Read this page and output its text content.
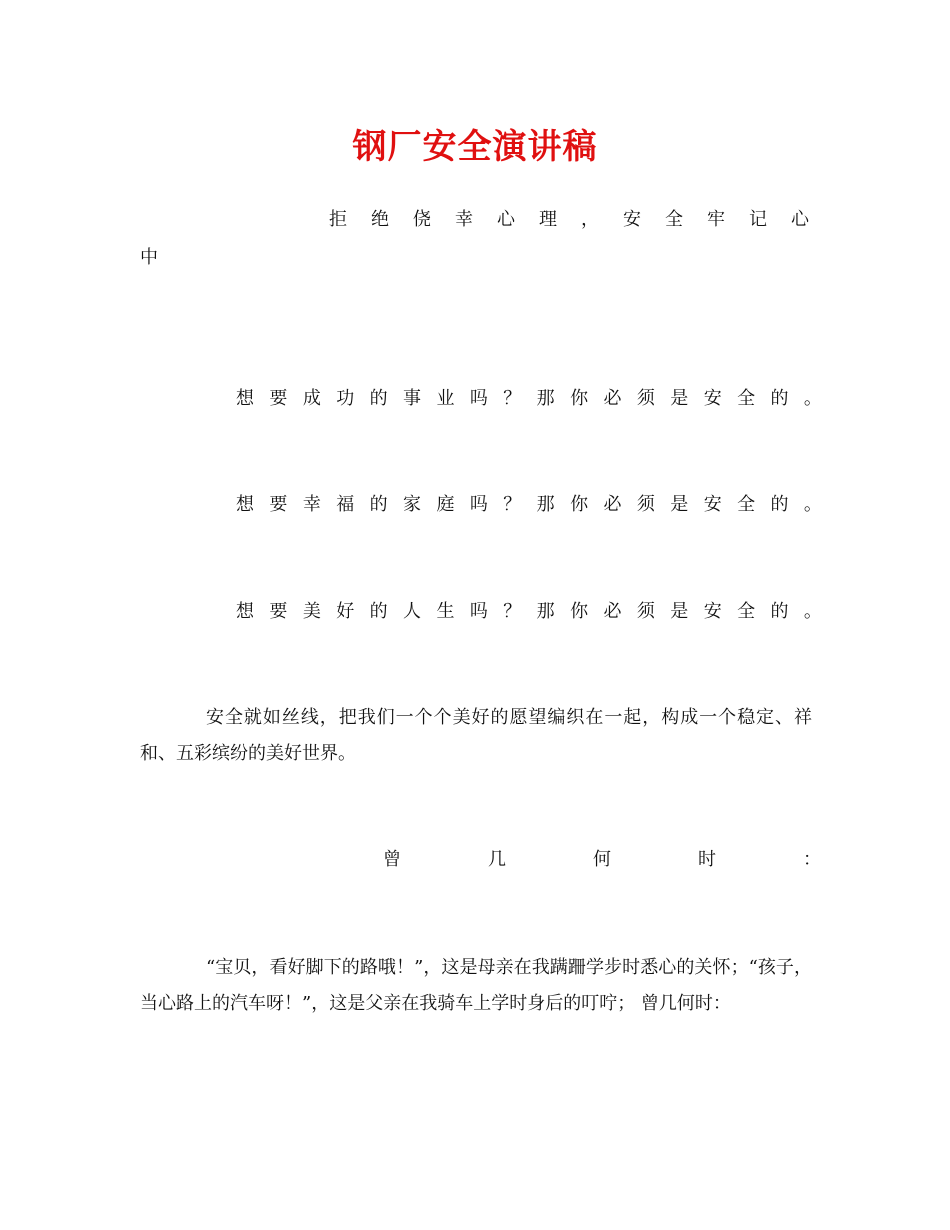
钢厂安全演讲稿
拒 绝 侥 幸 心 理 ， 安 全 牢 记 心
中
想 要 成 功 的 事 业 吗 ？ 那 你 必 须 是 安 全 的 。
想 要 幸 福 的 家 庭 吗 ？ 那 你 必 须 是 安 全 的 。
想 要 美 好 的 人 生 吗 ？ 那 你 必 须 是 安 全 的 。

安全就如丝线，把我们一个个美好的愿望编织在一起，构成一个稳定、祥和、五彩缤纷的美好世界。

曾	几	何	时	：

“宝贝，看好脚下的路哦！”，这是母亲在我蹒跚学步时悉心的关怀；“孩子，当心路上的汽车呀！”，这是父亲在我骑车上学时身后的叮咛； 曾几何时：
